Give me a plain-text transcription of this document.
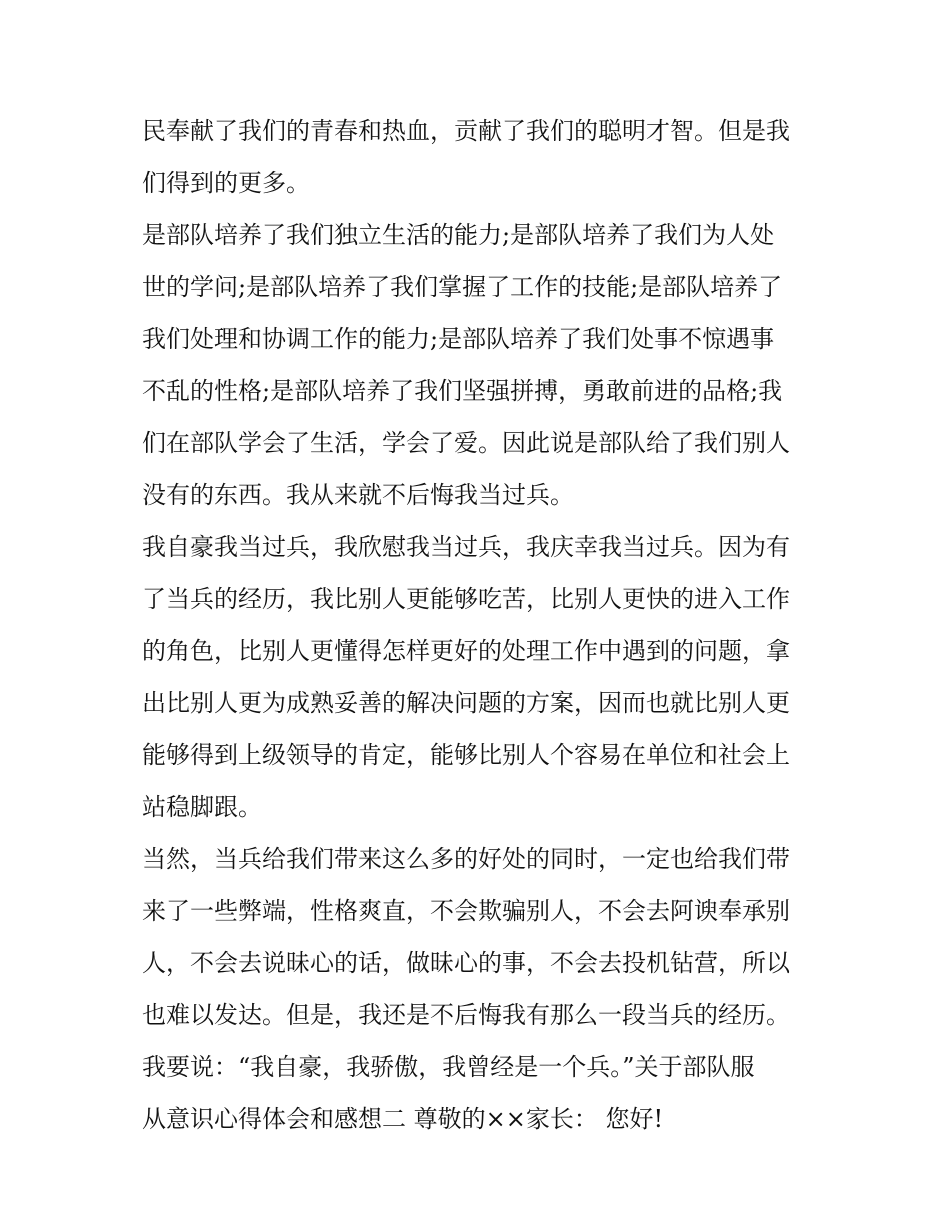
民奉献了我们的青春和热血，贡献了我们的聪明才智。但是我
们得到的更多。
是部队培养了我们独立生活的能力;是部队培养了我们为人处
世的学问;是部队培养了我们掌握了工作的技能;是部队培养了
我们处理和协调工作的能力;是部队培养了我们处事不惊遇事
不乱的性格;是部队培养了我们坚强拼搏，勇敢前进的品格;我
们在部队学会了生活，学会了爱。因此说是部队给了我们别人
没有的东西。我从来就不后悔我当过兵。
我自豪我当过兵，我欣慰我当过兵，我庆幸我当过兵。因为有
了当兵的经历，我比别人更能够吃苦，比别人更快的进入工作
的角色，比别人更懂得怎样更好的处理工作中遇到的问题，拿
出比别人更为成熟妥善的解决问题的方案，因而也就比别人更
能够得到上级领导的肯定，能够比别人个容易在单位和社会上
站稳脚跟。
当然，当兵给我们带来这么多的好处的同时，一定也给我们带
来了一些弊端，性格爽直，不会欺骗别人，不会去阿谀奉承别
人，不会去说昧心的话，做昧心的事，不会去投机钻营，所以
也难以发达。但是，我还是不后悔我有那么一段当兵的经历。
我要说：“我自豪，我骄傲，我曾经是一个兵。”关于部队服
从意识心得体会和感想二 尊敬的××家长： 您好!
